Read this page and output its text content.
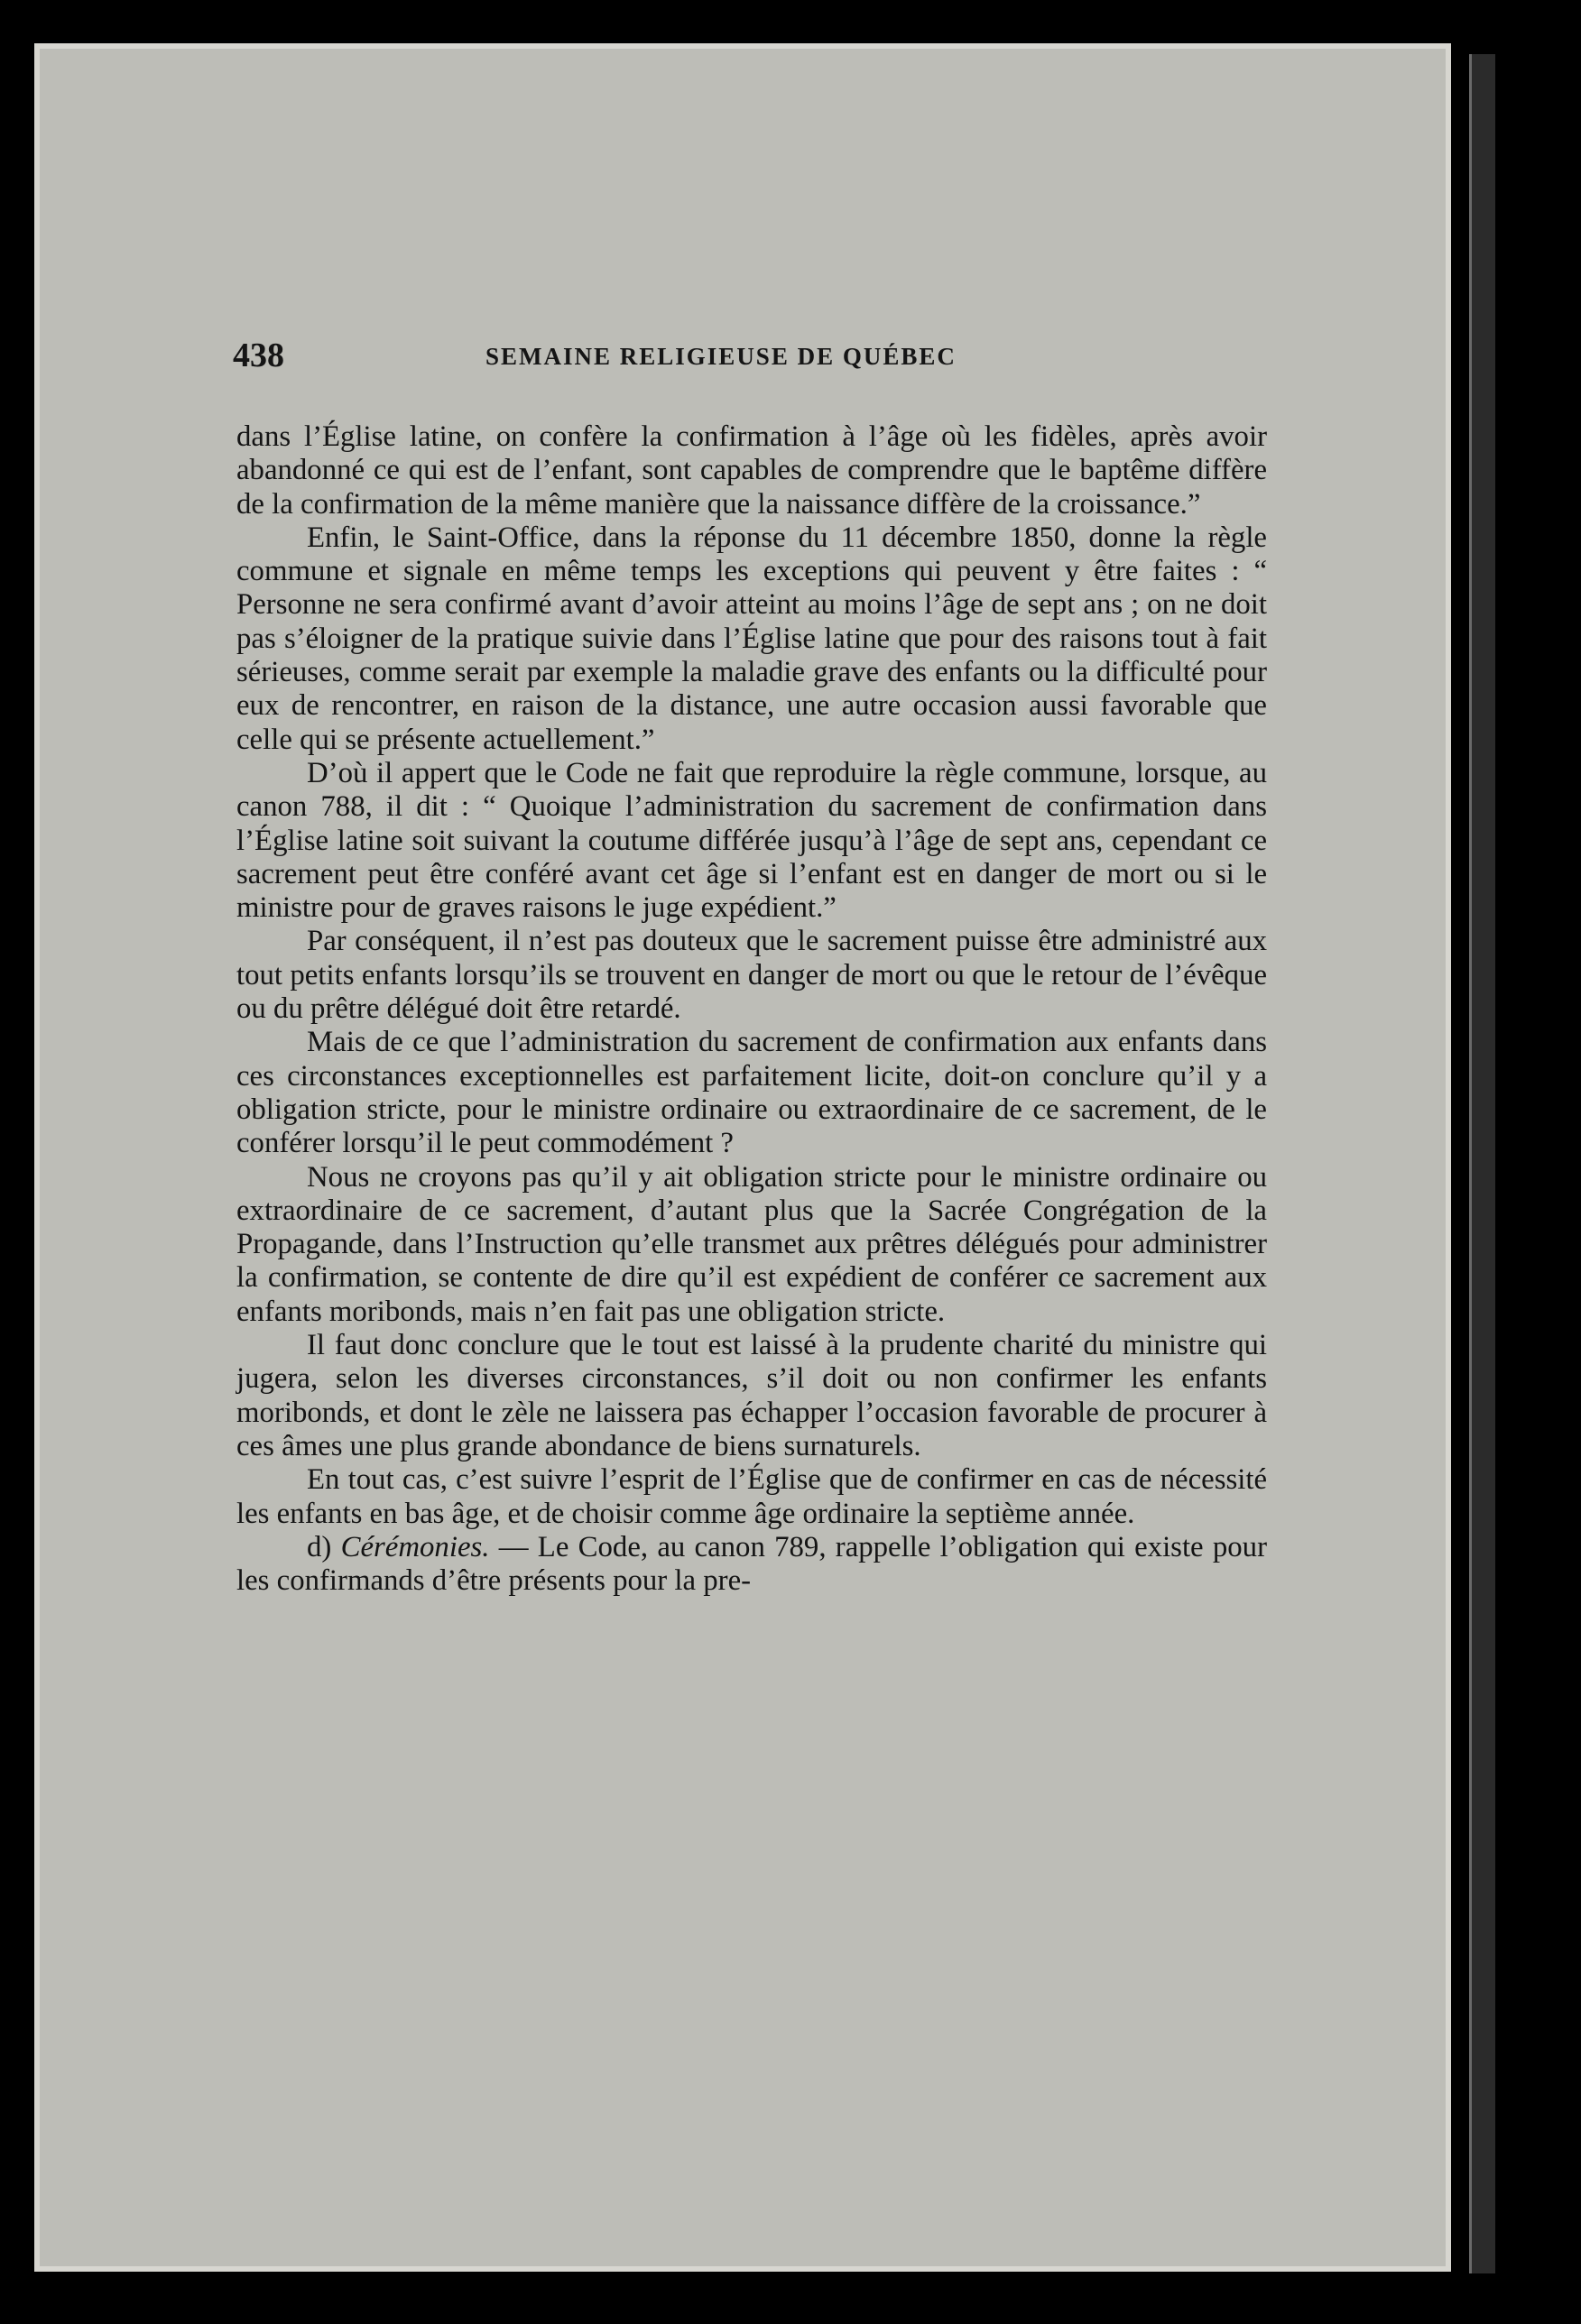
438	SEMAINE RELIGIEUSE DE QUÉBEC

dans l’Église latine, on confère la confirmation à l’âge où les fidèles, après avoir abandonné ce qui est de l’enfant, sont capables de comprendre que le baptême diffère de la confirmation de la même manière que la naissance diffère de la croissance.”

Enfin, le Saint-Office, dans la réponse du 11 décembre 1850, donne la règle commune et signale en même temps les exceptions qui peuvent y être faites : “ Personne ne sera confirmé avant d’avoir atteint au moins l’âge de sept ans ; on ne doit pas s’éloigner de la pratique suivie dans l’Église latine que pour des raisons tout à fait sérieuses, comme serait par exemple la maladie grave des enfants ou la difficulté pour eux de rencontrer, en raison de la distance, une autre occasion aussi favorable que celle qui se présente actuellement.”

D’où il appert que le Code ne fait que reproduire la règle commune, lorsque, au canon 788, il dit : “ Quoique l’administration du sacrement de confirmation dans l’Église latine soit suivant la coutume différée jusqu’à l’âge de sept ans, cependant ce sacrement peut être conféré avant cet âge si l’enfant est en danger de mort ou si le ministre pour de graves raisons le juge expédient.”

Par conséquent, il n’est pas douteux que le sacrement puisse être administré aux tout petits enfants lorsqu’ils se trouvent en danger de mort ou que le retour de l’évêque ou du prêtre délégué doit être retardé.

Mais de ce que l’administration du sacrement de confirmation aux enfants dans ces circonstances exceptionnelles est parfaitement licite, doit-on conclure qu’il y a obligation stricte, pour le ministre ordinaire ou extraordinaire de ce sacrement, de le conférer lorsqu’il le peut commodément ?

Nous ne croyons pas qu’il y ait obligation stricte pour le ministre ordinaire ou extraordinaire de ce sacrement, d’autant plus que la Sacrée Congrégation de la Propagande, dans l’Instruction qu’elle transmet aux prêtres délégués pour administrer la confirmation, se contente de dire qu’il est expédient de conférer ce sacrement aux enfants moribonds, mais n’en fait pas une obligation stricte.

Il faut donc conclure que le tout est laissé à la prudente charité du ministre qui jugera, selon les diverses circonstances, s’il doit ou non confirmer les enfants moribonds, et dont le zèle ne laissera pas échapper l’occasion favorable de procurer à ces âmes une plus grande abondance de biens surnaturels.

En tout cas, c’est suivre l’esprit de l’Église que de confirmer en cas de nécessité les enfants en bas âge, et de choisir comme âge ordinaire la septième année.

d) Cérémonies. — Le Code, au canon 789, rappelle l’obligation qui existe pour les confirmands d’être présents pour la pre-
